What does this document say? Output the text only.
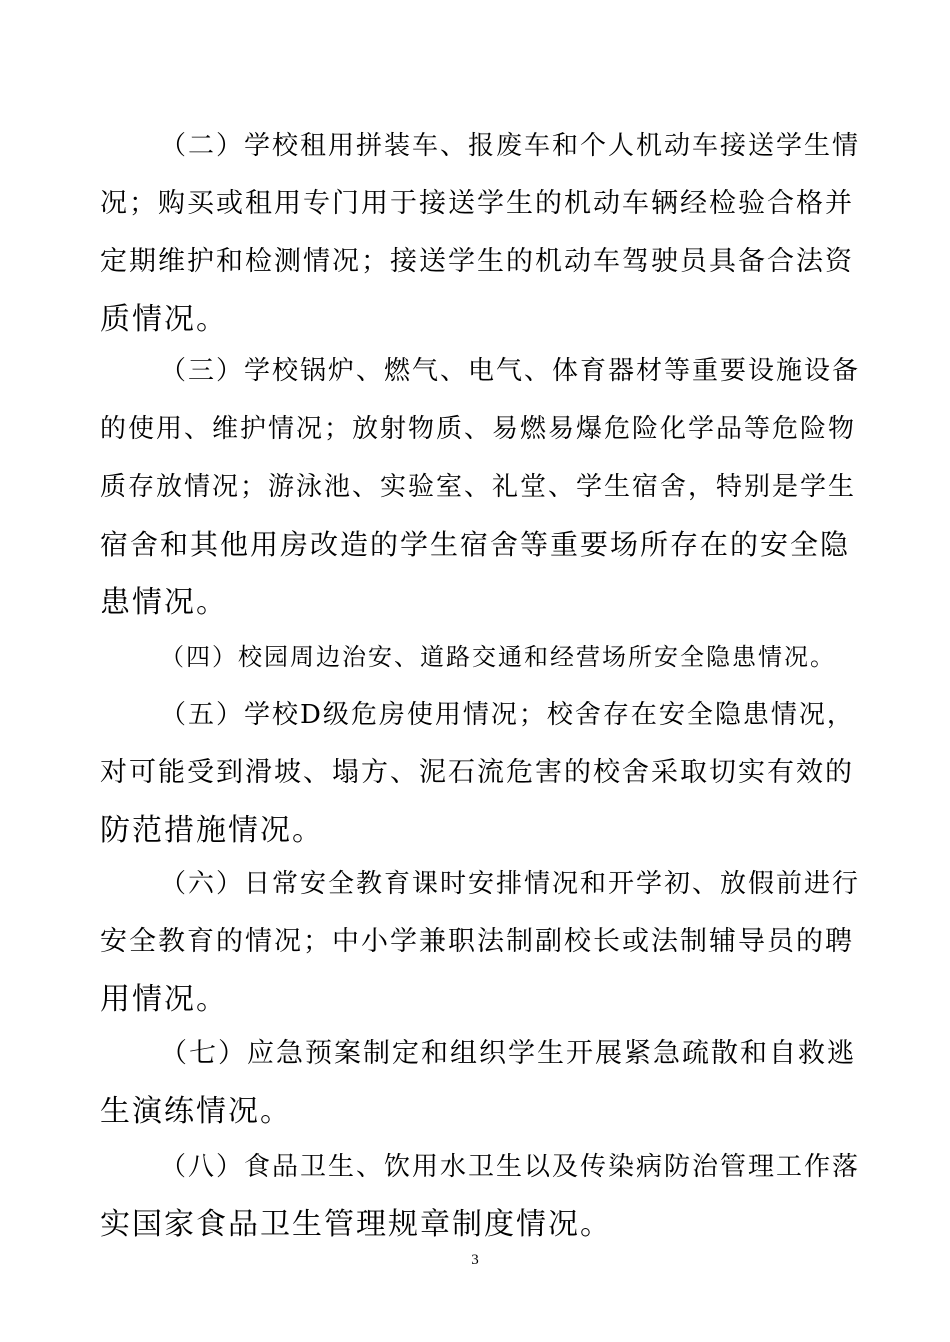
（二）学校租用拼装车、报废车和个人机动车接送学生情
况；购买或租用专门用于接送学生的机动车辆经检验合格并
定期维护和检测情况；接送学生的机动车驾驶员具备合法资
质情况。
（三）学校锅炉、燃气、电气、体育器材等重要设施设备
的使用、维护情况；放射物质、易燃易爆危险化学品等危险物
质存放情况；游泳池、实验室、礼堂、学生宿舍，特别是学生
宿舍和其他用房改造的学生宿舍等重要场所存在的安全隐
患情况。
（四）校园周边治安、道路交通和经营场所安全隐患情况。
（五）学校D级危房使用情况；校舍存在安全隐患情况，
对可能受到滑坡、塌方、泥石流危害的校舍采取切实有效的
防范措施情况。
（六）日常安全教育课时安排情况和开学初、放假前进行
安全教育的情况；中小学兼职法制副校长或法制辅导员的聘
用情况。
（七）应急预案制定和组织学生开展紧急疏散和自救逃
生演练情况。
（八）食品卫生、饮用水卫生以及传染病防治管理工作落
实国家食品卫生管理规章制度情况。
3
